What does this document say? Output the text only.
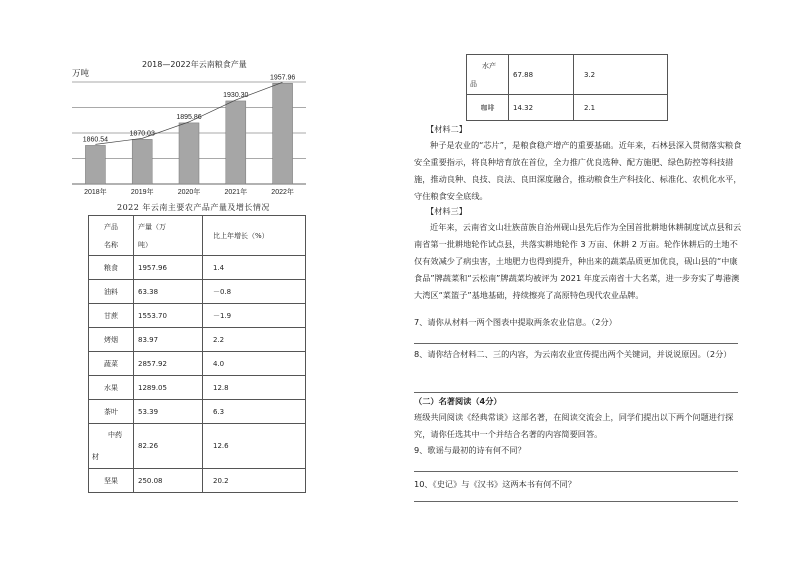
2018—2022年云南粮食产量
万吨
1860.54
2018年
1870.03
2019年
1895.86
2020年
1930.30
2021年
1957.96
2022年
2022 年云南主要农产品产量及增长情况
产品
名称	产量（万
吨）	比上年增长（%）
粮食	1957.96	1.4
油料	63.38	－0.8
甘蔗	1553.70	－1.9
烤烟	83.97	2.2
蔬菜	2857.92	4.0
水果	1289.05	12.8
茶叶	53.39	6.3
中药
材	82.26	12.6
坚果	250.08	20.2
水产
品	67.88	3.2
咖啡	14.32	2.1
【材料二】
种子是农业的“芯片”，是粮食稳产增产的重要基础。近年来，石林县深入贯彻落实粮食安全重要指示，将良种培育放在首位，全力推广优良选种、配方施肥、绿色防控等科技措施，推动良种、良技、良法、良田深度融合，推动粮食生产科技化、标准化、农机化水平，守住粮食安全底线。
【材料三】
近年来，云南省文山壮族苗族自治州砚山县先后作为全国首批耕地休耕制度试点县和云南省第一批耕地轮作试点县，共落实耕地轮作 3 万亩、休耕 2 万亩。轮作休耕后的土地不仅有效减少了病虫害，土地肥力也得到提升，种出来的蔬菜品质更加优良，砚山县的“中康食品”牌蔬菜和“云松南”牌蔬菜均被评为 2021 年度云南省十大名菜，进一步夯实了粤港澳大湾区“菜篮子”基地基础，持续擦亮了高原特色现代农业品牌。
7、请你从材料一两个图表中提取两条农业信息。（2分）
8、请你结合材料二、三的内容，为云南农业宣传提出两个关键词，并说说原因。（2分）
（二）名著阅读（4分）
班级共同阅读《经典常谈》这部名著，在阅读交流会上，同学们提出以下两个问题进行探究，请你任选其中一个并结合名著的内容简要回答。
9、歌谣与最初的诗有何不同？
10、《史记》与《汉书》这两本书有何不同？
